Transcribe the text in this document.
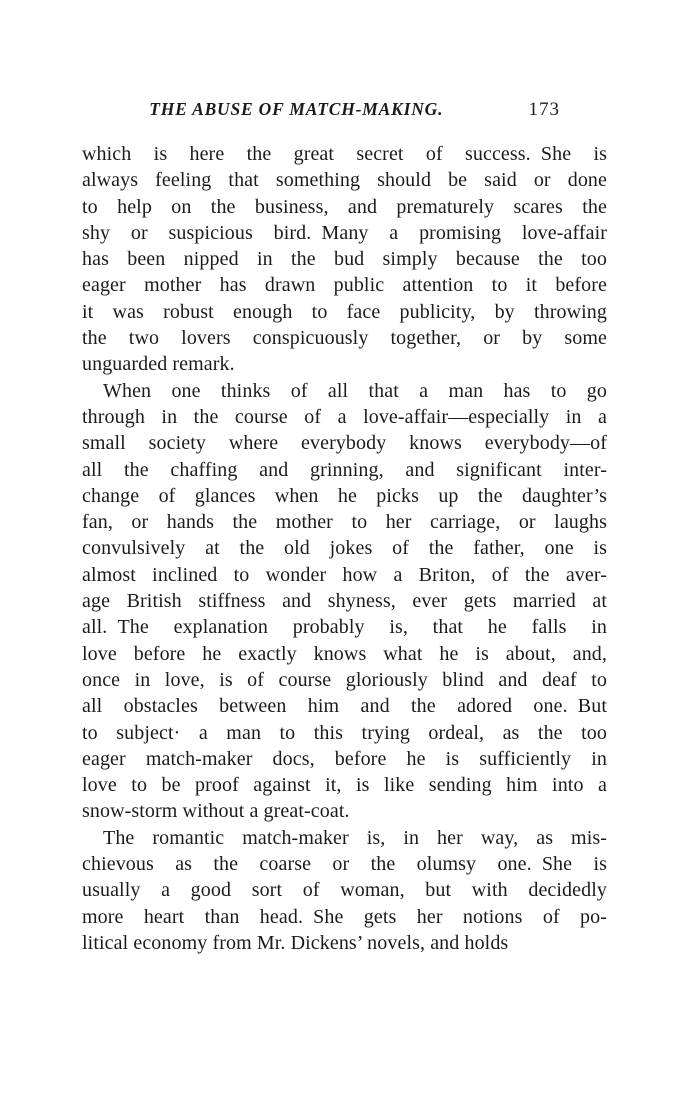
THE ABUSE OF MATCH-MAKING.	173
which is here the great secret of success. She is
always feeling that something should be said or done
to help on the business, and prematurely scares the
shy or suspicious bird. Many a promising love-affair
has been nipped in the bud simply because the too
eager mother has drawn public attention to it before
it was robust enough to face publicity, by throwing
the two lovers conspicuously together, or by some
unguarded remark.
When one thinks of all that a man has to go
through in the course of a love-affair—especially in a
small society where everybody knows everybody—of
all the chaffing and grinning, and significant inter-
change of glances when he picks up the daughter’s
fan, or hands the mother to her carriage, or laughs
convulsively at the old jokes of the father, one is
almost inclined to wonder how a Briton, of the aver-
age British stiffness and shyness, ever gets married at
all. The explanation probably is, that he falls in
love before he exactly knows what he is about, and,
once in love, is of course gloriously blind and deaf to
all obstacles between him and the adored one. But
to subject· a man to this trying ordeal, as the too
eager match-maker docs, before he is sufficiently in
love to be proof against it, is like sending him into a
snow-storm without a great-coat.
The romantic match-maker is, in her way, as mis-
chievous as the coarse or the olumsy one. She is
usually a good sort of woman, but with decidedly
more heart than head. She gets her notions of po-
litical economy from Mr. Dickens’ novels, and holds
